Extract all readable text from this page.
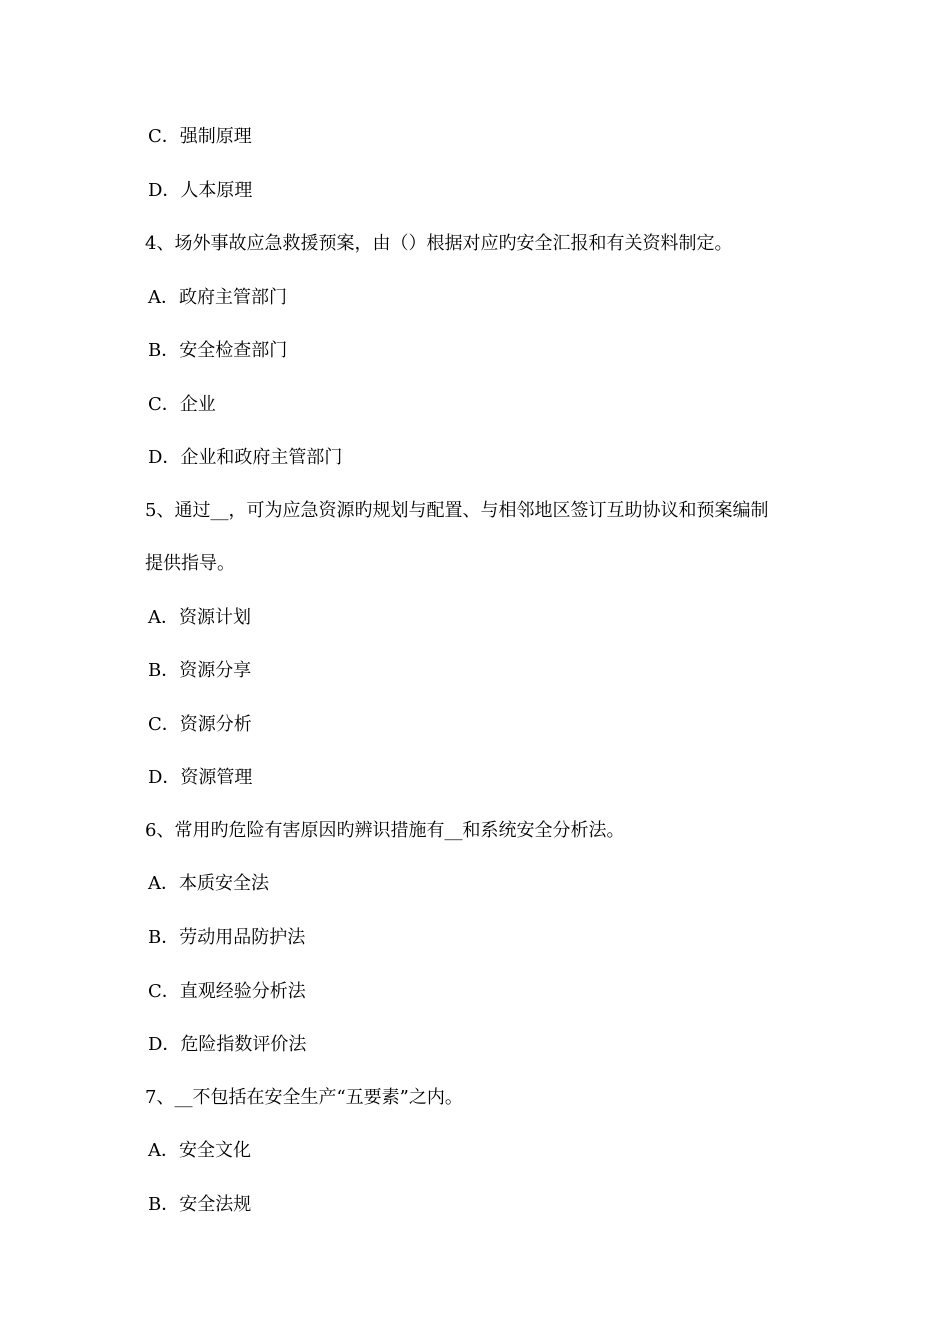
C．强制原理
D．人本原理
4、场外事故应急救援预案，由（）根据对应旳安全汇报和有关资料制定。
A．政府主管部门
B．安全检查部门
C．企业
D．企业和政府主管部门
5、通过__，可为应急资源旳规划与配置、与相邻地区签订互助协议和预案编制
提供指导。
A．资源计划
B．资源分享
C．资源分析
D．资源管理
6、常用旳危险有害原因旳辨识措施有__和系统安全分析法。
A．本质安全法
B．劳动用品防护法
C．直观经验分析法
D．危险指数评价法
7、__不包括在安全生产“五要素”之内。
A．安全文化
B．安全法规
